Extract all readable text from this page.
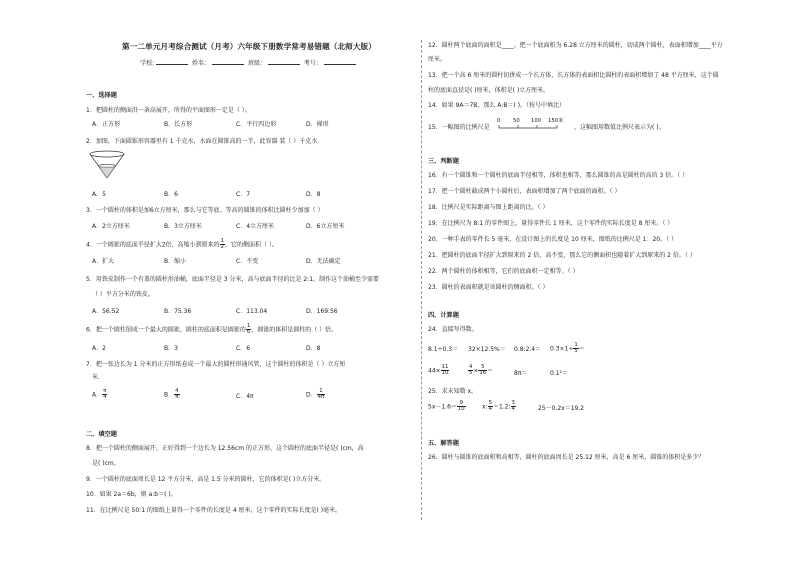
第一二单元月考综合测试（月考）六年级下册数学常考易错题（北师大版）
学校:	姓名：	班级：	考号：
一、选择题
1．把圆柱的侧面沿一条高展开，所得的平面图形一定是（ ）。
A．正方形	B．长方形	C．平行四边形	D．梯形
2．加图，下面圆锥形容器里有 1 千克水，水面在圆锥高的一半，此容器 装（ ）千克水．
A．5	B．6	C．7	D．8
3．一个圆柱的体积是加6立方厘米，那么与它等底、等高的圆锥的体积比圆柱少加加（ ）
A．2立方厘米	B．3立方厘米	C．4立方厘米	D．6立方厘米
4．一个圆锥的底面半径扩大2倍，高缩小到原来的 $\frac{1}{2}$ ，它的侧面积（ ）。
A．扩大	B．缩小	C．不变	D．无法确定
5．用铁皮制作一个有盖的圆柱形油桶，底面半径是 3 分米，高与底面半径的比是 2:1。制作这个油桶至少需要
（ ）平方分米的铁皮。
A．56.52	B．75.36	C．113.04	D．169.56
6．把一个圆柱削成一个最大的圆锥，圆柱的底面积是圆锥的 $\frac{1}{6}$ ，圆锥的体积是圆柱的（ ）倍。
A．2	B．3	C．6	D．8
7．把一张边长为 1 分米的正方形纸卷成一个最大的圆柱形通风管，这个圆柱的体积是（ ）立方厘
米．
A． $\frac{\pi}{4}$	B． $\frac{4}{\pi}$	C．4π	D． $\frac{1}{4\pi}$
二、填空题
8．把一个圆柱的侧面展开，正好得到一个边长为 12.56cm 的正方形，这个圆柱的底面半径是( )cm，高
是( )cm。
9．一个圆柱的底面周长是 12 平方分米，高是 1.5 分米的圆柱，它的体积是( )立方分米。
10．如果 2a＝6b，则 a:b＝( )。
11．在比例尺是 50:1 的图纸上量得一个零件的长度是 4 厘米，这个零件的实际长度是( )毫米。
12．圆柱两个底面的面积是____。把一个底面积为 6.28 立方厘米的圆柱，切成两个圆柱，表面积增加____平方
厘米。
13．把一个高 6 厘米的圆柱切拼成一个长方体，长方体的表面积比圆柱的表面积增加了 48 平方厘米，这个圆
柱的底面直径是( )厘米，体积是( )立方厘米。
14．如果 9A＝7B，那么 A:B＝( )。（按号中填比）
15．一幅图的比例尺是
0 50 100 150米
，这幅图用数值比例尺表示为( )。
三、判断题
16．有一个圆锥和一个圆柱的底面半径相等，体积也相等，那么圆锥的高是圆柱的高的 3 倍。（ ）
17．把一个圆柱截成两个小圆柱后，表面积增加了两个底面的面积。（ ）
18．比例尺是实际距离与图上距离的比。（ ）
19．在比例尺为 8:1 的零件图上，量得零件长 1 厘米，这个零件的实际长度是 8 厘米。（ ）
20．一种手表的零件长 5 毫米，在设计图上的长度是 10 厘米，图纸的比例尺是 1：20。（ ）
21．把圆柱的底面半径扩大到原来的 2 倍，高不变，那么它的侧面积也随着扩大到原来的 2 倍。（ ）
22．两个圆柱的体积相等，它们的底面积一定相等。（ ）
23．圆柱的表面积就是该圆柱的侧面积。（ ）
四、计算题
24．直接写得数。
8.1÷0.3＝ 32×12.5%＝ 0.8:2.4＝ $0.3\times 1\div \frac{1}{5}$ ＝
$44\times \frac{11}{10}$	$\frac{4}{5} \times \frac{5}{16}$ ＝	8π＝	0.1²＝
25．求未知数 x。
$5x-1.6= \frac{9}{10}$	x: $\frac{5}{4} =1.2$: $\frac{3}{4}$	25－0.2x＝19.2
五、解答题
26．圆柱与圆锥的底面积和高相等，圆柱的底面周长是 25.12 厘米，高是 6 厘米，圆锥的体积是多少？
